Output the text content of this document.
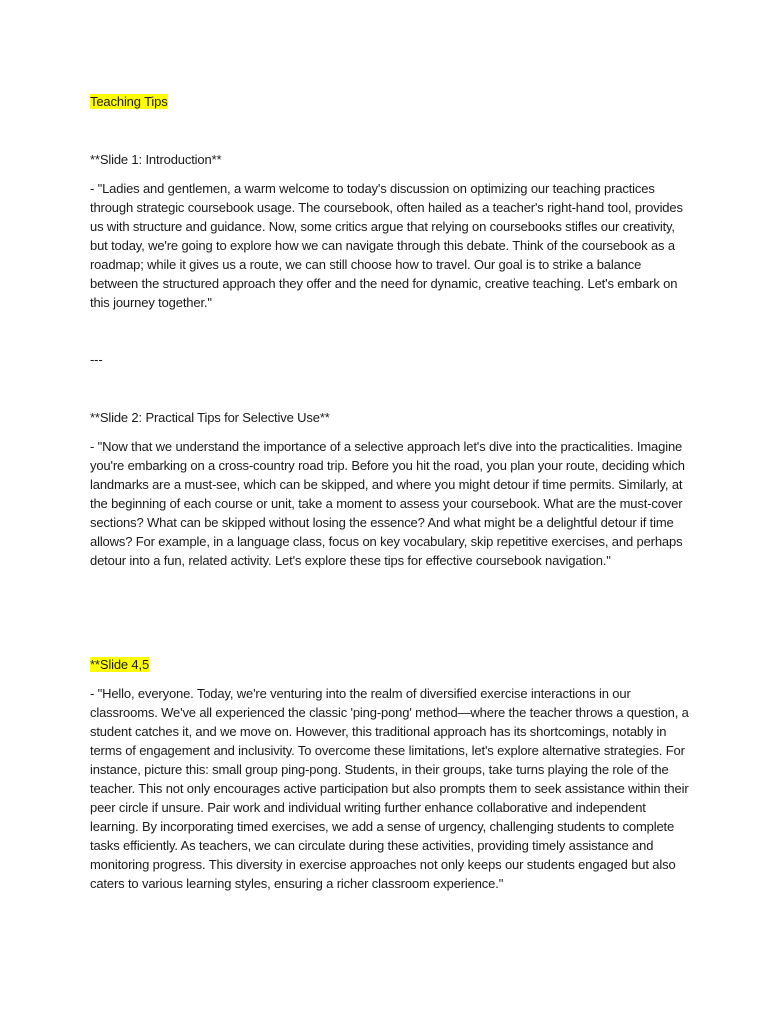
Teaching Tips

**Slide 1: Introduction**

- "Ladies and gentlemen, a warm welcome to today's discussion on optimizing our teaching practices through strategic coursebook usage. The coursebook, often hailed as a teacher's right-hand tool, provides us with structure and guidance. Now, some critics argue that relying on coursebooks stifles our creativity, but today, we're going to explore how we can navigate through this debate. Think of the coursebook as a roadmap; while it gives us a route, we can still choose how to travel. Our goal is to strike a balance between the structured approach they offer and the need for dynamic, creative teaching. Let's embark on this journey together."

---

**Slide 2: Practical Tips for Selective Use**

- "Now that we understand the importance of a selective approach let's dive into the practicalities. Imagine you're embarking on a cross-country road trip. Before you hit the road, you plan your route, deciding which landmarks are a must-see, which can be skipped, and where you might detour if time permits. Similarly, at the beginning of each course or unit, take a moment to assess your coursebook. What are the must-cover sections? What can be skipped without losing the essence? And what might be a delightful detour if time allows? For example, in a language class, focus on key vocabulary, skip repetitive exercises, and perhaps detour into a fun, related activity. Let's explore these tips for effective coursebook navigation."

**Slide 4,5

- "Hello, everyone. Today, we're venturing into the realm of diversified exercise interactions in our classrooms. We've all experienced the classic 'ping-pong' method—where the teacher throws a question, a student catches it, and we move on. However, this traditional approach has its shortcomings, notably in terms of engagement and inclusivity. To overcome these limitations, let's explore alternative strategies. For instance, picture this: small group ping-pong. Students, in their groups, take turns playing the role of the teacher. This not only encourages active participation but also prompts them to seek assistance within their peer circle if unsure. Pair work and individual writing further enhance collaborative and independent learning. By incorporating timed exercises, we add a sense of urgency, challenging students to complete tasks efficiently. As teachers, we can circulate during these activities, providing timely assistance and monitoring progress. This diversity in exercise approaches not only keeps our students engaged but also caters to various learning styles, ensuring a richer classroom experience."
